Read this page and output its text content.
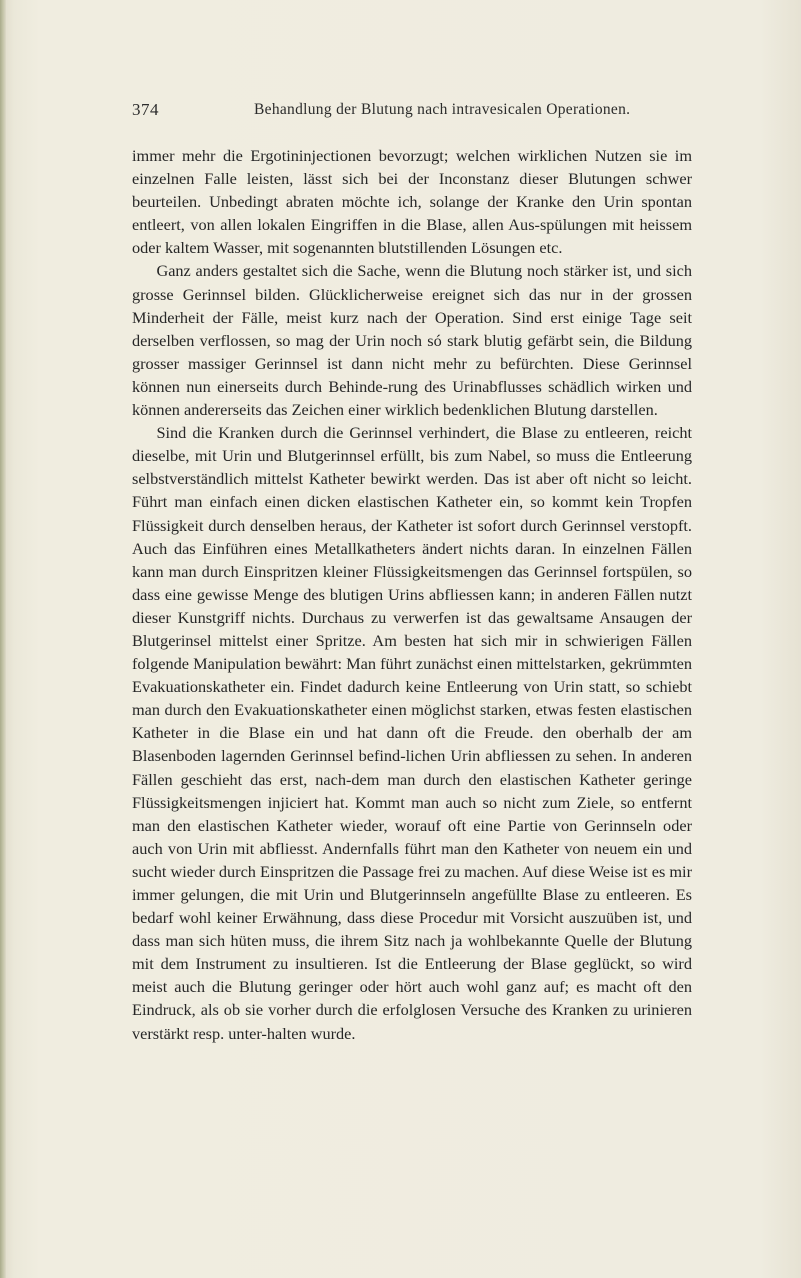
374	Behandlung der Blutung nach intravesicalen Operationen.

immer mehr die Ergotininjectionen bevorzugt; welchen wirklichen Nutzen sie im einzelnen Falle leisten, lässt sich bei der Inconstanz dieser Blutungen schwer beurteilen. Unbedingt abraten möchte ich, solange der Kranke den Urin spontan entleert, von allen lokalen Eingriffen in die Blase, allen Aus-spülungen mit heissem oder kaltem Wasser, mit sogenannten blutstillenden Lösungen etc.

Ganz anders gestaltet sich die Sache, wenn die Blutung noch stärker ist, und sich grosse Gerinnsel bilden. Glücklicherweise ereignet sich das nur in der grossen Minderheit der Fälle, meist kurz nach der Operation. Sind erst einige Tage seit derselben verflossen, so mag der Urin noch só stark blutig gefärbt sein, die Bildung grosser massiger Gerinnsel ist dann nicht mehr zu befürchten. Diese Gerinnsel können nun einerseits durch Behinde-rung des Urinabflusses schädlich wirken und können andererseits das Zeichen einer wirklich bedenklichen Blutung darstellen.

Sind die Kranken durch die Gerinnsel verhindert, die Blase zu entleeren, reicht dieselbe, mit Urin und Blutgerinnsel erfüllt, bis zum Nabel, so muss die Entleerung selbstverständlich mittelst Katheter bewirkt werden. Das ist aber oft nicht so leicht. Führt man einfach einen dicken elastischen Katheter ein, so kommt kein Tropfen Flüssigkeit durch denselben heraus, der Katheter ist sofort durch Gerinnsel verstopft. Auch das Einführen eines Metallkatheters ändert nichts daran. In einzelnen Fällen kann man durch Einspritzen kleiner Flüssigkeitsmengen das Gerinnsel fortspülen, so dass eine gewisse Menge des blutigen Urins abfliessen kann; in anderen Fällen nutzt dieser Kunstgriff nichts. Durchaus zu verwerfen ist das gewaltsame Ansaugen der Blutgerinsel mittelst einer Spritze. Am besten hat sich mir in schwierigen Fällen folgende Manipulation bewährt: Man führt zunächst einen mittelstarken, gekrümmten Evakuationskatheter ein. Findet dadurch keine Entleerung von Urin statt, so schiebt man durch den Evakuationskatheter einen möglichst starken, etwas festen elastischen Katheter in die Blase ein und hat dann oft die Freude. den oberhalb der am Blasenboden lagernden Gerinnsel befind-lichen Urin abfliessen zu sehen. In anderen Fällen geschieht das erst, nach-dem man durch den elastischen Katheter geringe Flüssigkeitsmengen injiciert hat. Kommt man auch so nicht zum Ziele, so entfernt man den elastischen Katheter wieder, worauf oft eine Partie von Gerinnseln oder auch von Urin mit abfliesst. Andernfalls führt man den Katheter von neuem ein und sucht wieder durch Einspritzen die Passage frei zu machen. Auf diese Weise ist es mir immer gelungen, die mit Urin und Blutgerinnseln angefüllte Blase zu entleeren. Es bedarf wohl keiner Erwähnung, dass diese Procedur mit Vorsicht auszuüben ist, und dass man sich hüten muss, die ihrem Sitz nach ja wohlbekannte Quelle der Blutung mit dem Instrument zu insultieren. Ist die Entleerung der Blase geglückt, so wird meist auch die Blutung geringer oder hört auch wohl ganz auf; es macht oft den Eindruck, als ob sie vorher durch die erfolglosen Versuche des Kranken zu urinieren verstärkt resp. unter-halten wurde.
